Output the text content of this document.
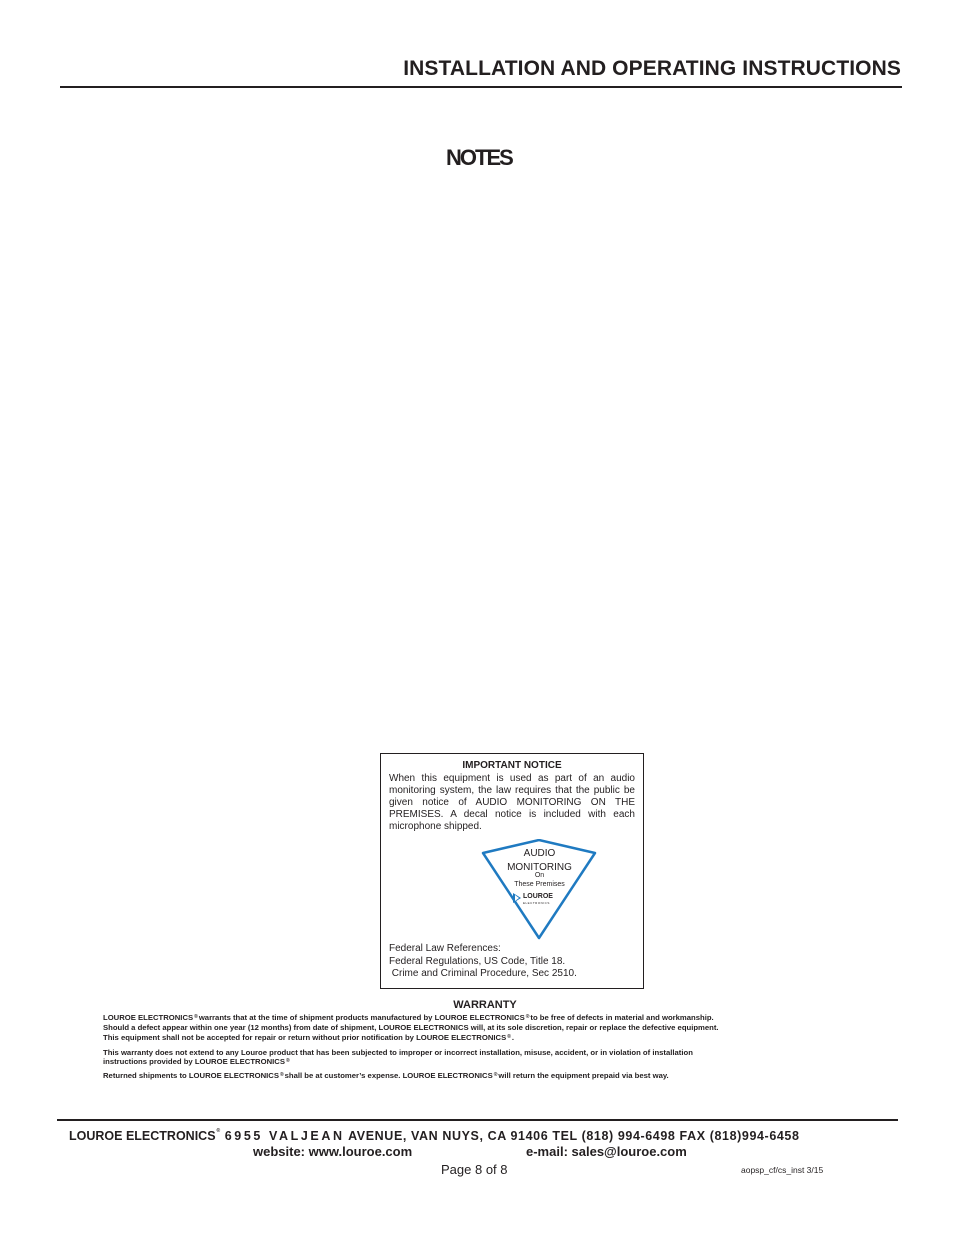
INSTALLATION AND OPERATING INSTRUCTIONS
NOTES
IMPORTANT NOTICE
When this equipment is used as part of an audio monitoring system, the law requires that the public be given notice of AUDIO MONITORING ON THE PREMISES. A decal notice is included with each microphone shipped.
AUDIO
MONITORING
On
These Premises
LOUROE
ELECTRONICS
Federal Law References:
Federal Regulations, US Code, Title 18.
Crime and Criminal Procedure, Sec 2510.
WARRANTY
LOUROE ELECTRONICS®warrants that at the time of shipment products manufactured by LOUROE ELECTRONICS®to be free of defects in material and workmanship.
Should a defect appear within one year (12 months) from date of shipment, LOUROE ELECTRONICS will, at its sole discretion, repair or replace the defective equipment.
This equipment shall not be accepted for repair or return without prior notification by LOUROE ELECTRONICS®.
This warranty does not extend to any Louroe product that has been subjected to improper or incorrect installation, misuse, accident, or in violation of installation
instructions provided by LOUROE ELECTRONICS®
Returned shipments to LOUROE ELECTRONICS®shall be at customer’s expense. LOUROE ELECTRONICS®will return the equipment prepaid via best way.
LOUROE ELECTRONICS® 6955 VALJEAN AVENUE, VAN NUYS, CA 91406 TEL (818) 994-6498 FAX (818)994-6458
website: www.louroe.com	e-mail: sales@louroe.com
Page 8 of 8	aopsp_cf/cs_inst 3/15
